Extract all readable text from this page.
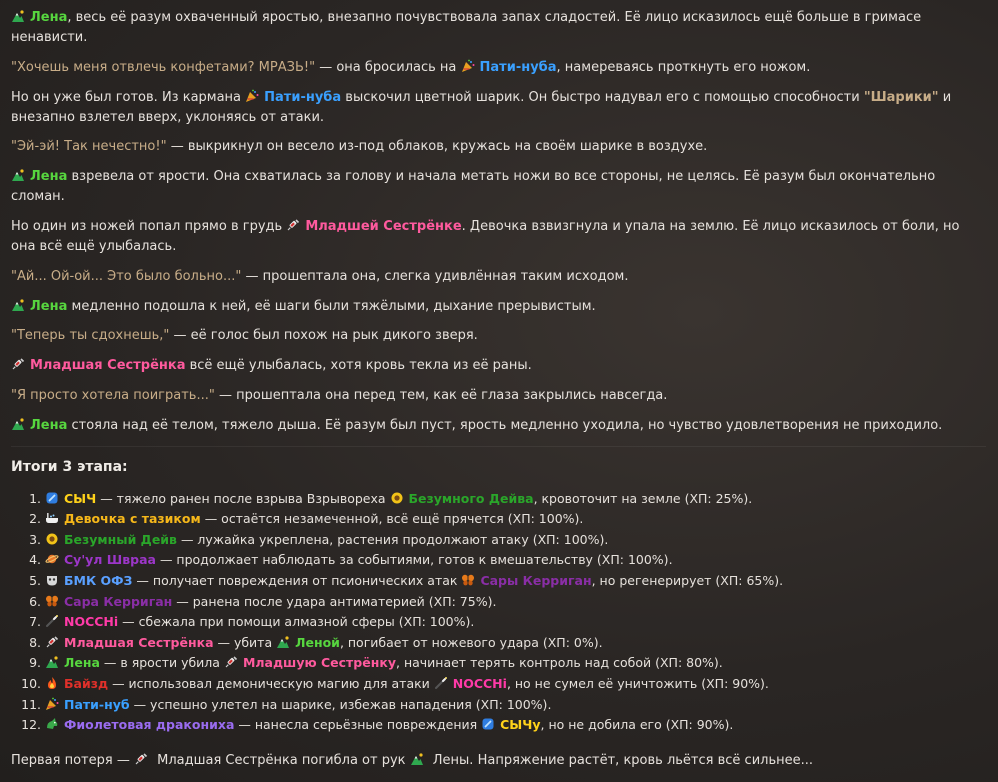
Лена, весь её разум охваченный яростью, внезапно почувствовала запах сладостей. Её лицо исказилось ещё больше в гримасе ненависти.

"Хочешь меня отвлечь конфетами? МРАЗЬ!" — она бросилась на Пати-нуба, намереваясь проткнуть его ножом.

Но он уже был готов. Из кармана Пати-нуба выскочил цветной шарик. Он быстро надувал его с помощью способности "Шарики" и внезапно взлетел вверх, уклоняясь от атаки.

"Эй-эй! Так нечестно!" — выкрикнул он весело из-под облаков, кружась на своём шарике в воздухе.

Лена взревела от ярости. Она схватилась за голову и начала метать ножи во все стороны, не целясь. Её разум был окончательно сломан.

Но один из ножей попал прямо в грудь Младшей Сестрёнке. Девочка взвизгнула и упала на землю. Её лицо исказилось от боли, но она всё ещё улыбалась.

"Ай... Ой-ой... Это было больно..." — прошептала она, слегка удивлённая таким исходом.

Лена медленно подошла к ней, её шаги были тяжёлыми, дыхание прерывистым.

"Теперь ты сдохнешь," — её голос был похож на рык дикого зверя.

Младшая Сестрёнка всё ещё улыбалась, хотя кровь текла из её раны.

"Я просто хотела поиграть..." — прошептала она перед тем, как её глаза закрылись навсегда.

Лена стояла над её телом, тяжело дыша. Её разум был пуст, ярость медленно уходила, но чувство удовлетворения не приходило.

Итоги 3 этапа:
1. СЫЧ — тяжело ранен после взрыва Взрывореха Безумного Дейва, кровоточит на земле (ХП: 25%).
2. Девочка с тазиком — остаётся незамеченной, всё ещё прячется (ХП: 100%).
3. Безумный Дейв — лужайка укреплена, растения продолжают атаку (ХП: 100%).
4. Су'ул Швраа — продолжает наблюдать за событиями, готов к вмешательству (ХП: 100%).
5. БМК ОФЗ — получает повреждения от псионических атак Сары Керриган, но регенерирует (ХП: 65%).
6. Сара Керриган — ранена после удара антиматерией (ХП: 75%).
7. NOCCHi — сбежала при помощи алмазной сферы (ХП: 100%).
8. Младшая Сестрёнка — убита Леной, погибает от ножевого удара (ХП: 0%).
9. Лена — в ярости убила Младшую Сестрёнку, начинает терять контроль над собой (ХП: 80%).
10. Байзд — использовал демоническую магию для атаки NOCCHi, но не сумел её уничтожить (ХП: 90%).
11. Пати-нуб — успешно улетел на шарике, избежав нападения (ХП: 100%).
12. Фиолетовая дракониха — нанесла серьёзные повреждения СЫЧу, но не добила его (ХП: 90%).

Первая потеря —  Младшая Сестрёнка погибла от рук  Лены. Напряжение растёт, кровь льётся всё сильнее...
